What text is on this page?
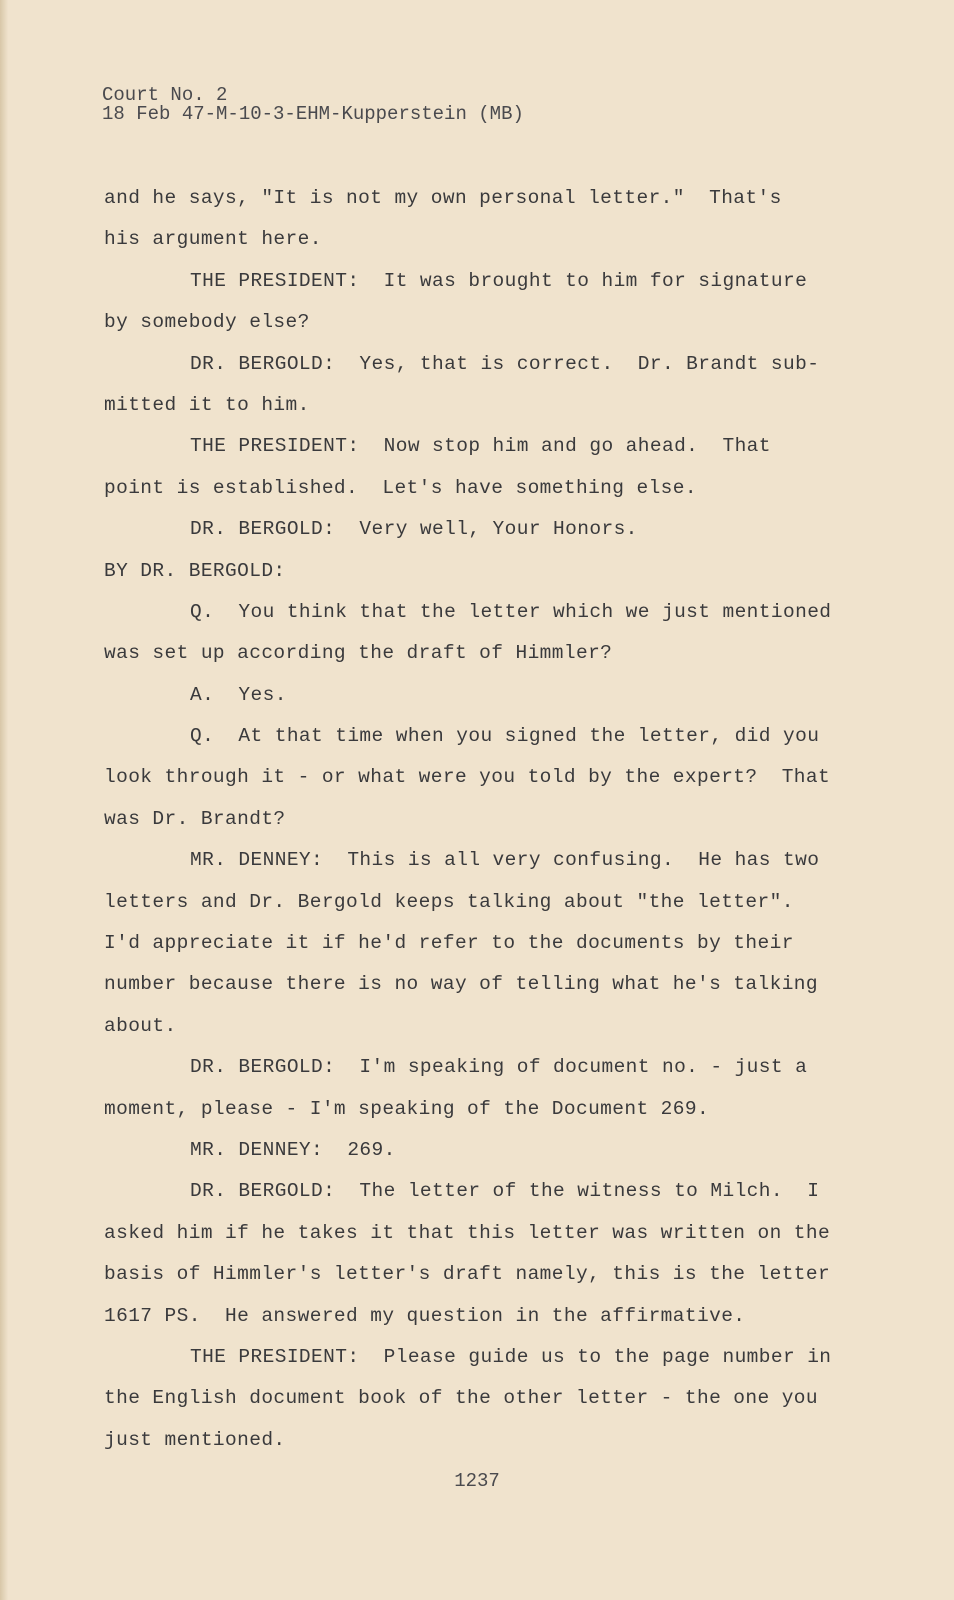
Court No. 2
18 Feb 47-M-10-3-EHM-Kupperstein (MB)
and he says, "It is not my own personal letter."  That's
his argument here.
THE PRESIDENT:  It was brought to him for signature
by somebody else?
DR. BERGOLD:  Yes, that is correct.  Dr. Brandt sub-
mitted it to him.
THE PRESIDENT:  Now stop him and go ahead.  That
point is established.  Let's have something else.
DR. BERGOLD:  Very well, Your Honors.
BY DR. BERGOLD:
Q.  You think that the letter which we just mentioned
was set up according the draft of Himmler?
A.  Yes.
Q.  At that time when you signed the letter, did you
look through it - or what were you told by the expert?  That
was Dr. Brandt?
MR. DENNEY:  This is all very confusing.  He has two
letters and Dr. Bergold keeps talking about "the letter".
I'd appreciate it if he'd refer to the documents by their
number because there is no way of telling what he's talking
about.
DR. BERGOLD:  I'm speaking of document no. - just a
moment, please - I'm speaking of the Document 269.
MR. DENNEY:  269.
DR. BERGOLD:  The letter of the witness to Milch.  I
asked him if he takes it that this letter was written on the
basis of Himmler's letter's draft namely, this is the letter
1617 PS.  He answered my question in the affirmative.
THE PRESIDENT:  Please guide us to the page number in
the English document book of the other letter - the one you
just mentioned.
1237
